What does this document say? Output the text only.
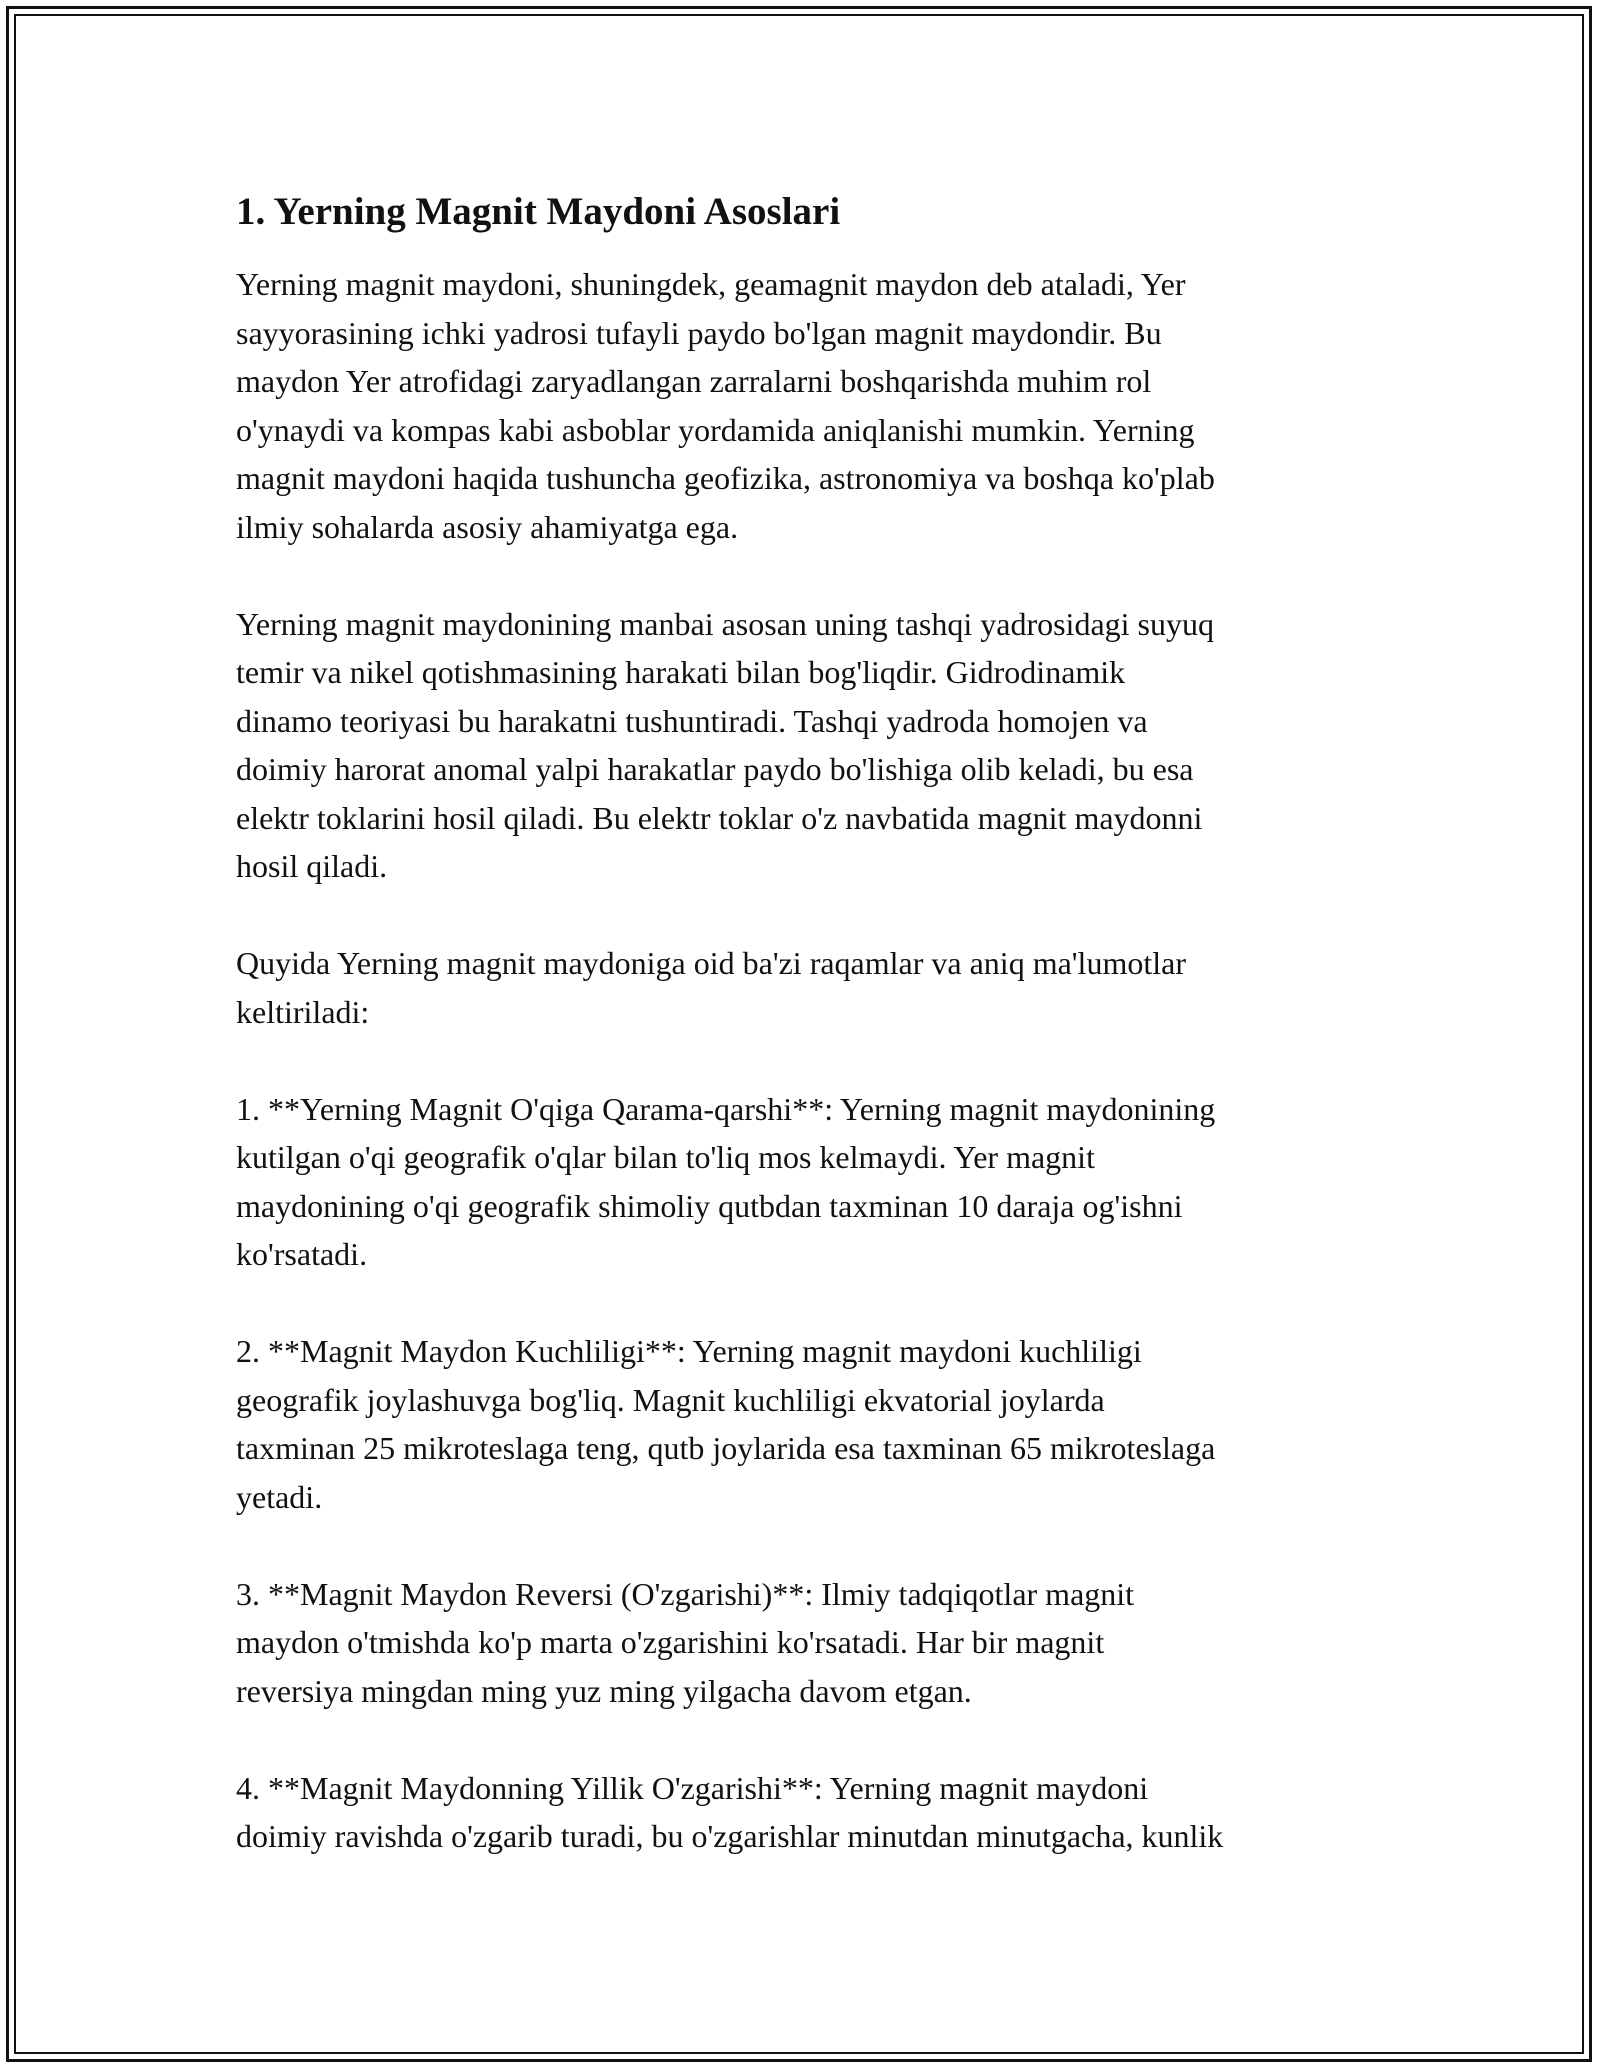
1. Yerning Magnit Maydoni Asoslari

Yerning magnit maydoni, shuningdek, geamagnit maydon deb ataladi, Yer
sayyorasining ichki yadrosi tufayli paydo bo'lgan magnit maydondir. Bu
maydon Yer atrofidagi zaryadlangan zarralarni boshqarishda muhim rol
o'ynaydi va kompas kabi asboblar yordamida aniqlanishi mumkin. Yerning
magnit maydoni haqida tushuncha geofizika, astronomiya va boshqa ko'plab
ilmiy sohalarda asosiy ahamiyatga ega.

Yerning magnit maydonining manbai asosan uning tashqi yadrosidagi suyuq
temir va nikel qotishmasining harakati bilan bog'liqdir. Gidrodinamik
dinamo teoriyasi bu harakatni tushuntiradi. Tashqi yadroda homojen va
doimiy harorat anomal yalpi harakatlar paydo bo'lishiga olib keladi, bu esa
elektr toklarini hosil qiladi. Bu elektr toklar o'z navbatida magnit maydonni
hosil qiladi.

Quyida Yerning magnit maydoniga oid ba'zi raqamlar va aniq ma'lumotlar
keltiriladi:

1. **Yerning Magnit O'qiga Qarama-qarshi**: Yerning magnit maydonining
kutilgan o'qi geografik o'qlar bilan to'liq mos kelmaydi. Yer magnit
maydonining o'qi geografik shimoliy qutbdan taxminan 10 daraja og'ishni
ko'rsatadi.

2. **Magnit Maydon Kuchliligi**: Yerning magnit maydoni kuchliligi
geografik joylashuvga bog'liq. Magnit kuchliligi ekvatorial joylarda
taxminan 25 mikroteslaga teng, qutb joylarida esa taxminan 65 mikroteslaga
yetadi.

3. **Magnit Maydon Reversi (O'zgarishi)**: Ilmiy tadqiqotlar magnit
maydon o'tmishda ko'p marta o'zgarishini ko'rsatadi. Har bir magnit
reversiya mingdan ming yuz ming yilgacha davom etgan.

4. **Magnit Maydonning Yillik O'zgarishi**: Yerning magnit maydoni
doimiy ravishda o'zgarib turadi, bu o'zgarishlar minutdan minutgacha, kunlik
